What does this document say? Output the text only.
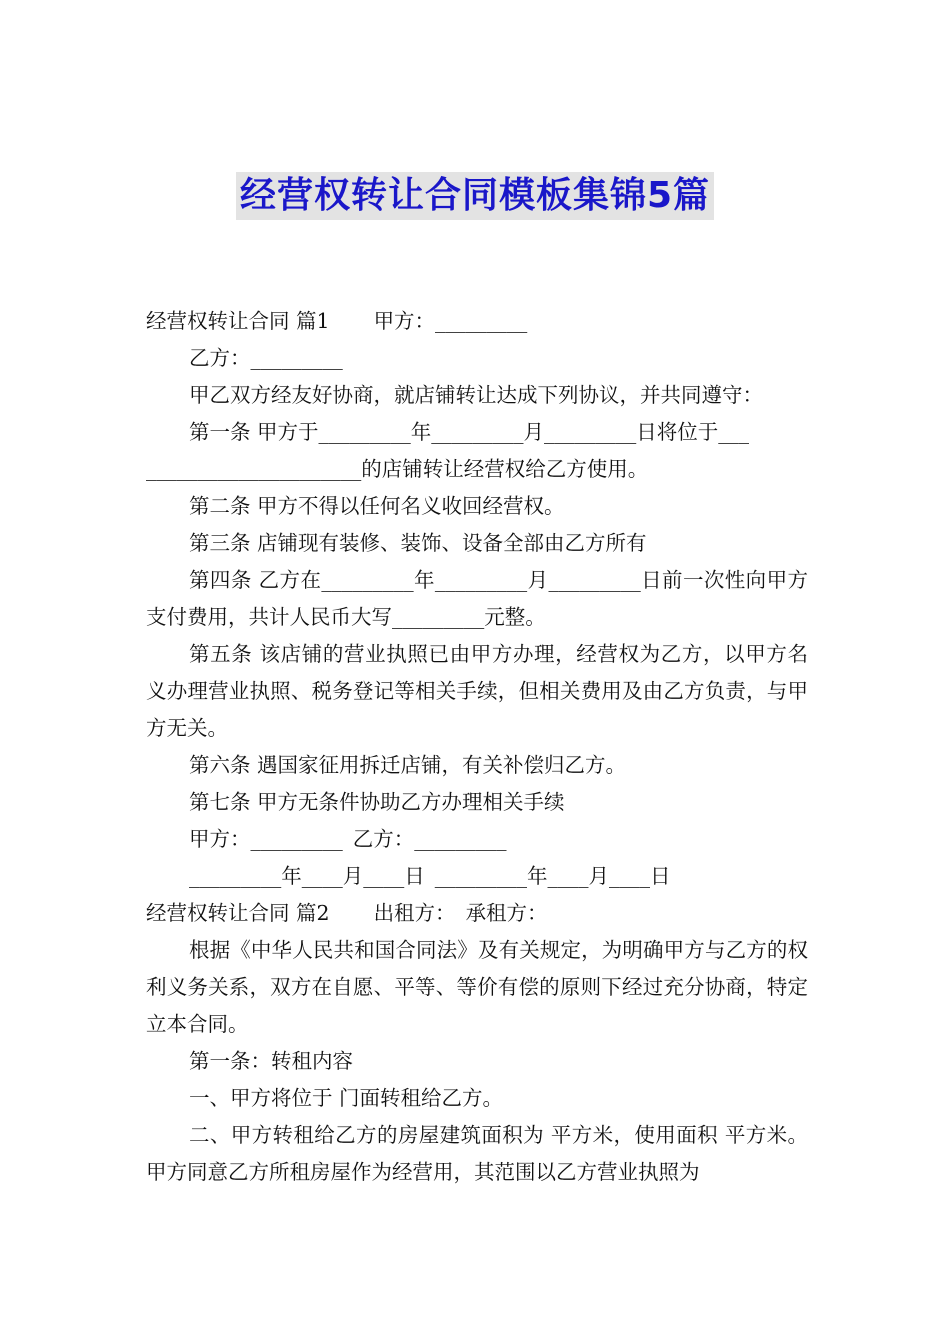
经营权转让合同模板集锦5篇

经营权转让合同 篇1 甲方：_________

乙方：_________

甲乙双方经友好协商，就店铺转让达成下列协议，并共同遵守：

第一条 甲方于_________年_________月_________日将位于___

_____________________的店铺转让经营权给乙方使用。

第二条 甲方不得以任何名义收回经营权。

第三条 店铺现有装修、装饰、设备全部由乙方所有

第四条 乙方在_________年_________月_________日前一次性向甲方支付费用，共计人民币大写_________元整。

第五条 该店铺的营业执照已由甲方办理，经营权为乙方，以甲方名义办理营业执照、税务登记等相关手续，但相关费用及由乙方负责，与甲方无关。

第六条 遇国家征用拆迁店铺，有关补偿归乙方。

第七条 甲方无条件协助乙方办理相关手续

甲方：_________ 乙方：_________

_________年____月____日 _________年____月____日

经营权转让合同 篇2 出租方： 承租方：

根据《中华人民共和国合同法》及有关规定，为明确甲方与乙方的权利义务关系，双方在自愿、平等、等价有偿的原则下经过充分协商，特定立本合同。

第一条：转租内容

一、甲方将位于 门面转租给乙方。

二、甲方转租给乙方的房屋建筑面积为 平方米，使用面积 平方米。甲方同意乙方所租房屋作为经营用，其范围以乙方营业执照为
